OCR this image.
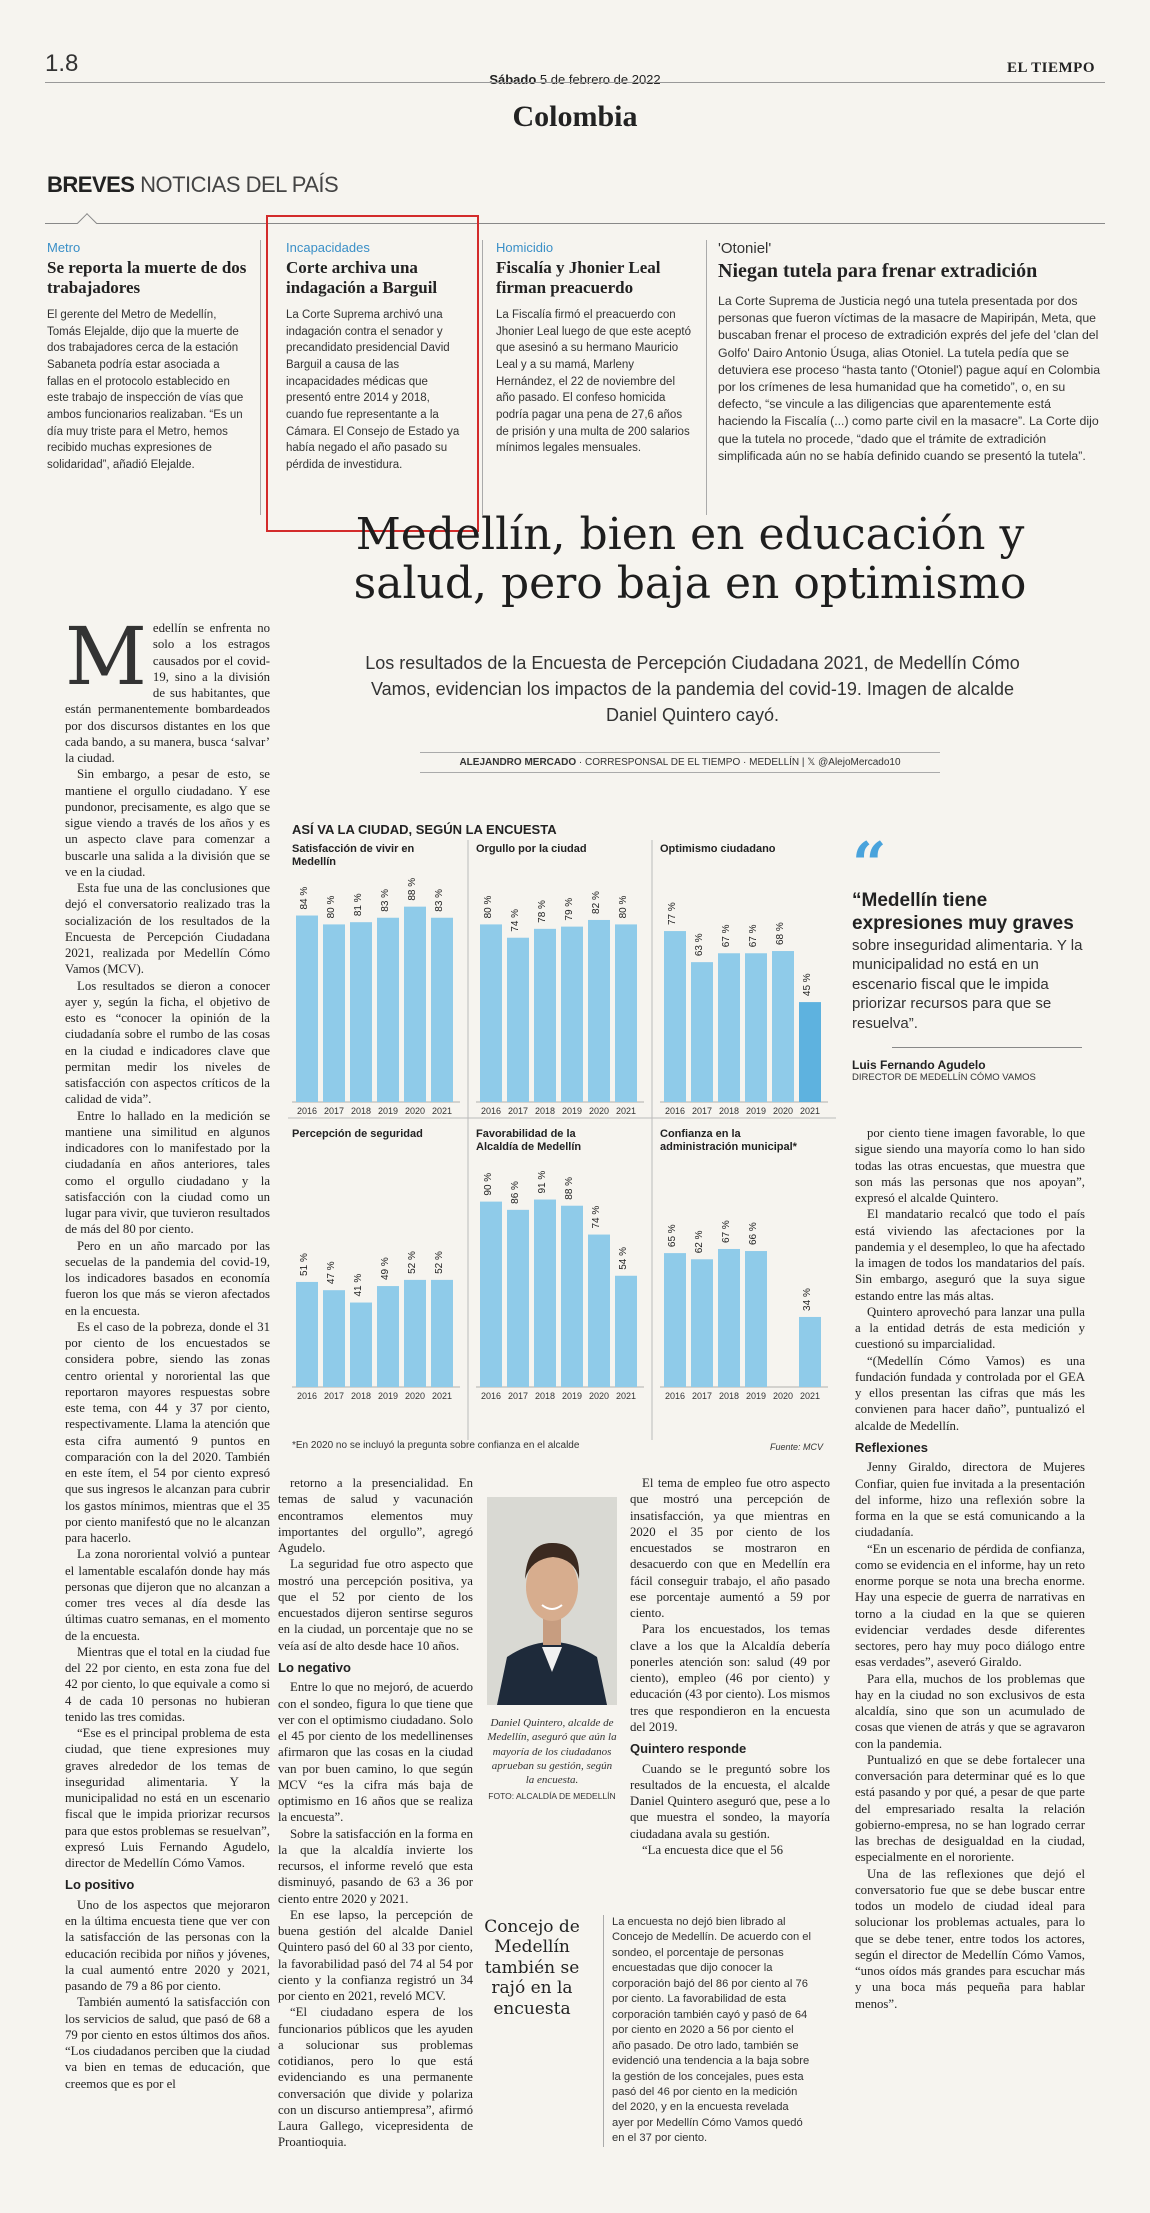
1.8
Sábado 5 de febrero de 2022
EL TIEMPO
Colombia
BREVES NOTICIAS DEL PAÍS
Metro
Se reporta la muerte de dos trabajadores
El gerente del Metro de Medellín, Tomás Elejalde, dijo que la muerte de dos trabajadores cerca de la estación Sabaneta podría estar asociada a fallas en el protocolo establecido en este trabajo de inspección de vías que ambos funcionarios realizaban. “Es un día muy triste para el Metro, hemos recibido muchas expresiones de solidaridad”, añadió Elejalde.
Incapacidades
Corte archiva una indagación a Barguil
La Corte Suprema archivó una indagación contra el senador y precandidato presidencial David Barguil a causa de las incapacidades médicas que presentó entre 2014 y 2018, cuando fue representante a la Cámara. El Consejo de Estado ya había negado el año pasado su pérdida de investidura.
Homicidio
Fiscalía y Jhonier Leal firman preacuerdo
La Fiscalía firmó el preacuerdo con Jhonier Leal luego de que este aceptó que asesinó a su hermano Mauricio Leal y a su mamá, Marleny Hernández, el 22 de noviembre del año pasado. El confeso homicida podría pagar una pena de 27,6 años de prisión y una multa de 200 salarios mínimos legales mensuales.
'Otoniel'
Niegan tutela para frenar extradición
La Corte Suprema de Justicia negó una tutela presentada por dos personas que fueron víctimas de la masacre de Mapiripán, Meta, que buscaban frenar el proceso de extradición exprés del jefe del 'clan del Golfo' Dairo Antonio Úsuga, alias Otoniel. La tutela pedía que se detuviera ese proceso “hasta tanto ('Otoniel') pague aquí en Colombia por los crímenes de lesa humanidad que ha cometido”, o, en su defecto, “se vincule a las diligencias que aparentemente está haciendo la Fiscalía (...) como parte civil en la masacre”. La Corte dijo que la tutela no procede, “dado que el trámite de extradición simplificada aún no se había definido cuando se presentó la tutela”.
Medellín, bien en educación y salud, pero baja en optimismo
Los resultados de la Encuesta de Percepción Ciudadana 2021, de Medellín Cómo Vamos, evidencian los impactos de la pandemia del covid-19. Imagen de alcalde Daniel Quintero cayó.
ALEJANDRO MERCADO · CORRESPONSAL DE EL TIEMPO · MEDELLÍN | 𝕏 @AlejoMercado10
M edellín se enfrenta no solo a los estragos causados por el covid-19, sino a la división de sus habitantes, que están permanentemente bombardeados por dos discursos distantes en los que cada bando, a su manera, busca ‘salvar’ la ciudad.

Sin embargo, a pesar de esto, se mantiene el orgullo ciudadano. Y ese pundonor, precisamente, es algo que se sigue viendo a través de los años y es un aspecto clave para comenzar a buscarle una salida a la división que se ve en la ciudad.

Esta fue una de las conclusiones que dejó el conversatorio realizado tras la socialización de los resultados de la Encuesta de Percepción Ciudadana 2021, realizada por Medellín Cómo Vamos (MCV).

Los resultados se dieron a conocer ayer y, según la ficha, el objetivo de esto es “conocer la opinión de la ciudadanía sobre el rumbo de las cosas en la ciudad e indicadores clave que permitan medir los niveles de satisfacción con aspectos críticos de la calidad de vida”.

Entre lo hallado en la medición se mantiene una similitud en algunos indicadores con lo manifestado por la ciudadanía en años anteriores, tales como el orgullo ciudadano y la satisfacción con la ciudad como un lugar para vivir, que tuvieron resultados de más del 80 por ciento.

Pero en un año marcado por las secuelas de la pandemia del covid-19, los indicadores basados en economía fueron los que más se vieron afectados en la encuesta.

Es el caso de la pobreza, donde el 31 por ciento de los encuestados se considera pobre, siendo las zonas centro oriental y nororiental las que reportaron mayores respuestas sobre este tema, con 44 y 37 por ciento, respectivamente. Llama la atención que esta cifra aumentó 9 puntos en comparación con la del 2020. También en este ítem, el 54 por ciento expresó que sus ingresos le alcanzan para cubrir los gastos mínimos, mientras que el 35 por ciento manifestó que no le alcanzan para hacerlo.

La zona nororiental volvió a puntear el lamentable escalafón donde hay más personas que dijeron que no alcanzan a comer tres veces al día desde las últimas cuatro semanas, en el momento de la encuesta.

Mientras que el total en la ciudad fue del 22 por ciento, en esta zona fue del 42 por ciento, lo que equivale a como si 4 de cada 10 personas no hubieran tenido las tres comidas.

“Ese es el principal problema de esta ciudad, que tiene expresiones muy graves alrededor de los temas de inseguridad alimentaria. Y la municipalidad no está en un escenario fiscal que le impida priorizar recursos para que estos problemas se resuelvan”, expresó Luis Fernando Agudelo, director de Medellín Cómo Vamos.

Lo positivo

Uno de los aspectos que mejoraron en la última encuesta tiene que ver con la satisfacción de las personas con la educación recibida por niños y jóvenes, la cual aumentó entre 2020 y 2021, pasando de 79 a 86 por ciento.

También aumentó la satisfacción con los servicios de salud, que pasó de 68 a 79 por ciento en estos últimos dos años. “Los ciudadanos perciben que la ciudad va bien en temas de educación, que creemos que es por el

ASÍ VA LA CIUDAD, SEGÚN LA ENCUESTA
Satisfacción de vivir en Medellín
84 %
2016
80 %
2017
81 %
2018
83 %
2019
88 %
2020
83 %
2021
Orgullo por la ciudad
80 %
2016
74 %
2017
78 %
2018
79 %
2019
82 %
2020
80 %
2021
Optimismo ciudadano
77 %
2016
63 %
2017
67 %
2018
67 %
2019
68 %
2020
45 %
2021
Percepción de seguridad
51 %
2016
47 %
2017
41 %
2018
49 %
2019
52 %
2020
52 %
2021
Favorabilidad de la Alcaldía de Medellín
90 %
2016
86 %
2017
91 %
2018
88 %
2019
74 %
2020
54 %
2021
Confianza en la administración municipal*
65 %
2016
62 %
2017
67 %
2018
66 %
2019 2020
34 %
2021
*En 2020 no se incluyó la pregunta sobre confianza en el alcalde	Fuente: MCV
“
“Medellín tiene expresiones muy graves
sobre inseguridad alimentaria. Y la municipalidad no está en un escenario fiscal que le impida priorizar recursos para que se resuelva”.
Luis Fernando Agudelo
DIRECTOR DE MEDELLÍN CÓMO VAMOS

por ciento tiene imagen favorable, lo que sigue siendo una mayoría como lo han sido todas las otras encuestas, que muestra que son más las personas que nos apoyan”, expresó el alcalde Quintero.

El mandatario recalcó que todo el país está viviendo las afectaciones por la pandemia y el desempleo, lo que ha afectado la imagen de todos los mandatarios del país. Sin embargo, aseguró que la suya sigue estando entre las más altas.

Quintero aprovechó para lanzar una pulla a la entidad detrás de esta medición y cuestionó su imparcialidad.

“(Medellín Cómo Vamos) es una fundación fundada y controlada por el GEA y ellos presentan las cifras que más les convienen para hacer daño”, puntualizó el alcalde de Medellín.

Reflexiones

Jenny Giraldo, directora de Mujeres Confiar, quien fue invitada a la presentación del informe, hizo una reflexión sobre la forma en la que se está comunicando a la ciudadanía.

“En un escenario de pérdida de confianza, como se evidencia en el informe, hay un reto enorme porque se nota una brecha enorme. Hay una especie de guerra de narrativas en torno a la ciudad en la que se quieren evidenciar verdades desde diferentes sectores, pero hay muy poco diálogo entre esas verdades”, aseveró Giraldo.

Para ella, muchos de los problemas que hay en la ciudad no son exclusivos de esta alcaldía, sino que son un acumulado de cosas que vienen de atrás y que se agravaron con la pandemia.

Puntualizó en que se debe fortalecer una conversación para determinar qué es lo que está pasando y por qué, a pesar de que parte del empresariado resalta la relación gobierno-empresa, no se han logrado cerrar las brechas de desigualdad en la ciudad, especialmente en el nororiente.

Una de las reflexiones que dejó el conversatorio fue que se debe buscar entre todos un modelo de ciudad ideal para solucionar los problemas actuales, para lo que se debe tener, entre todos los actores, según el director de Medellín Cómo Vamos, “unos oídos más grandes para escuchar más y una boca más pequeña para hablar menos”.

retorno a la presencialidad. En temas de salud y vacunación encontramos elementos muy importantes del orgullo”, agregó Agudelo.

La seguridad fue otro aspecto que mostró una percepción positiva, ya que el 52 por ciento de los encuestados dijeron sentirse seguros en la ciudad, un porcentaje que no se veía así de alto desde hace 10 años.

Lo negativo

Entre lo que no mejoró, de acuerdo con el sondeo, figura lo que tiene que ver con el optimismo ciudadano. Solo el 45 por ciento de los medellinenses afirmaron que las cosas en la ciudad van por buen camino, lo que según MCV “es la cifra más baja de optimismo en 16 años que se realiza la encuesta”.

Sobre la satisfacción en la forma en la que la alcaldía invierte los recursos, el informe reveló que esta disminuyó, pasando de 63 a 36 por ciento entre 2020 y 2021.

En ese lapso, la percepción de buena gestión del alcalde Daniel Quintero pasó del 60 al 33 por ciento, la favorabilidad pasó del 74 al 54 por ciento y la confianza registró un 34 por ciento en 2021, reveló MCV.

“El ciudadano espera de los funcionarios públicos que les ayuden a solucionar sus problemas cotidianos, pero lo que está evidenciando es una permanente conversación que divide y polariza con un discurso antiempresa”, afirmó Laura Gallego, vicepresidenta de Proantioquia.

Daniel Quintero, alcalde de Medellín, aseguró que aún la mayoría de los ciudadanos aprueban su gestión, según la encuesta.
FOTO: ALCALDÍA DE MEDELLÍN

El tema de empleo fue otro aspecto que mostró una percepción de insatisfacción, ya que mientras en 2020 el 35 por ciento de los encuestados se mostraron en desacuerdo con que en Medellín era fácil conseguir trabajo, el año pasado ese porcentaje aumentó a 59 por ciento.

Para los encuestados, los temas clave a los que la Alcaldía debería ponerles atención son: salud (49 por ciento), empleo (46 por ciento) y educación (43 por ciento). Los mismos tres que respondieron en la encuesta del 2019.

Quintero responde

Cuando se le preguntó sobre los resultados de la encuesta, el alcalde Daniel Quintero aseguró que, pese a lo que muestra el sondeo, la mayoría ciudadana avala su gestión.

“La encuesta dice que el 56

Concejo de Medellín también se rajó en la encuesta
La encuesta no dejó bien librado al Concejo de Medellín. De acuerdo con el sondeo, el porcentaje de personas encuestadas que dijo conocer la corporación bajó del 86 por ciento al 76 por ciento. La favorabilidad de esta corporación también cayó y pasó de 64 por ciento en 2020 a 56 por ciento el año pasado. De otro lado, también se evidenció una tendencia a la baja sobre la gestión de los concejales, pues esta pasó del 46 por ciento en la medición del 2020, y en la encuesta revelada ayer por Medellín Cómo Vamos quedó en el 37 por ciento.
